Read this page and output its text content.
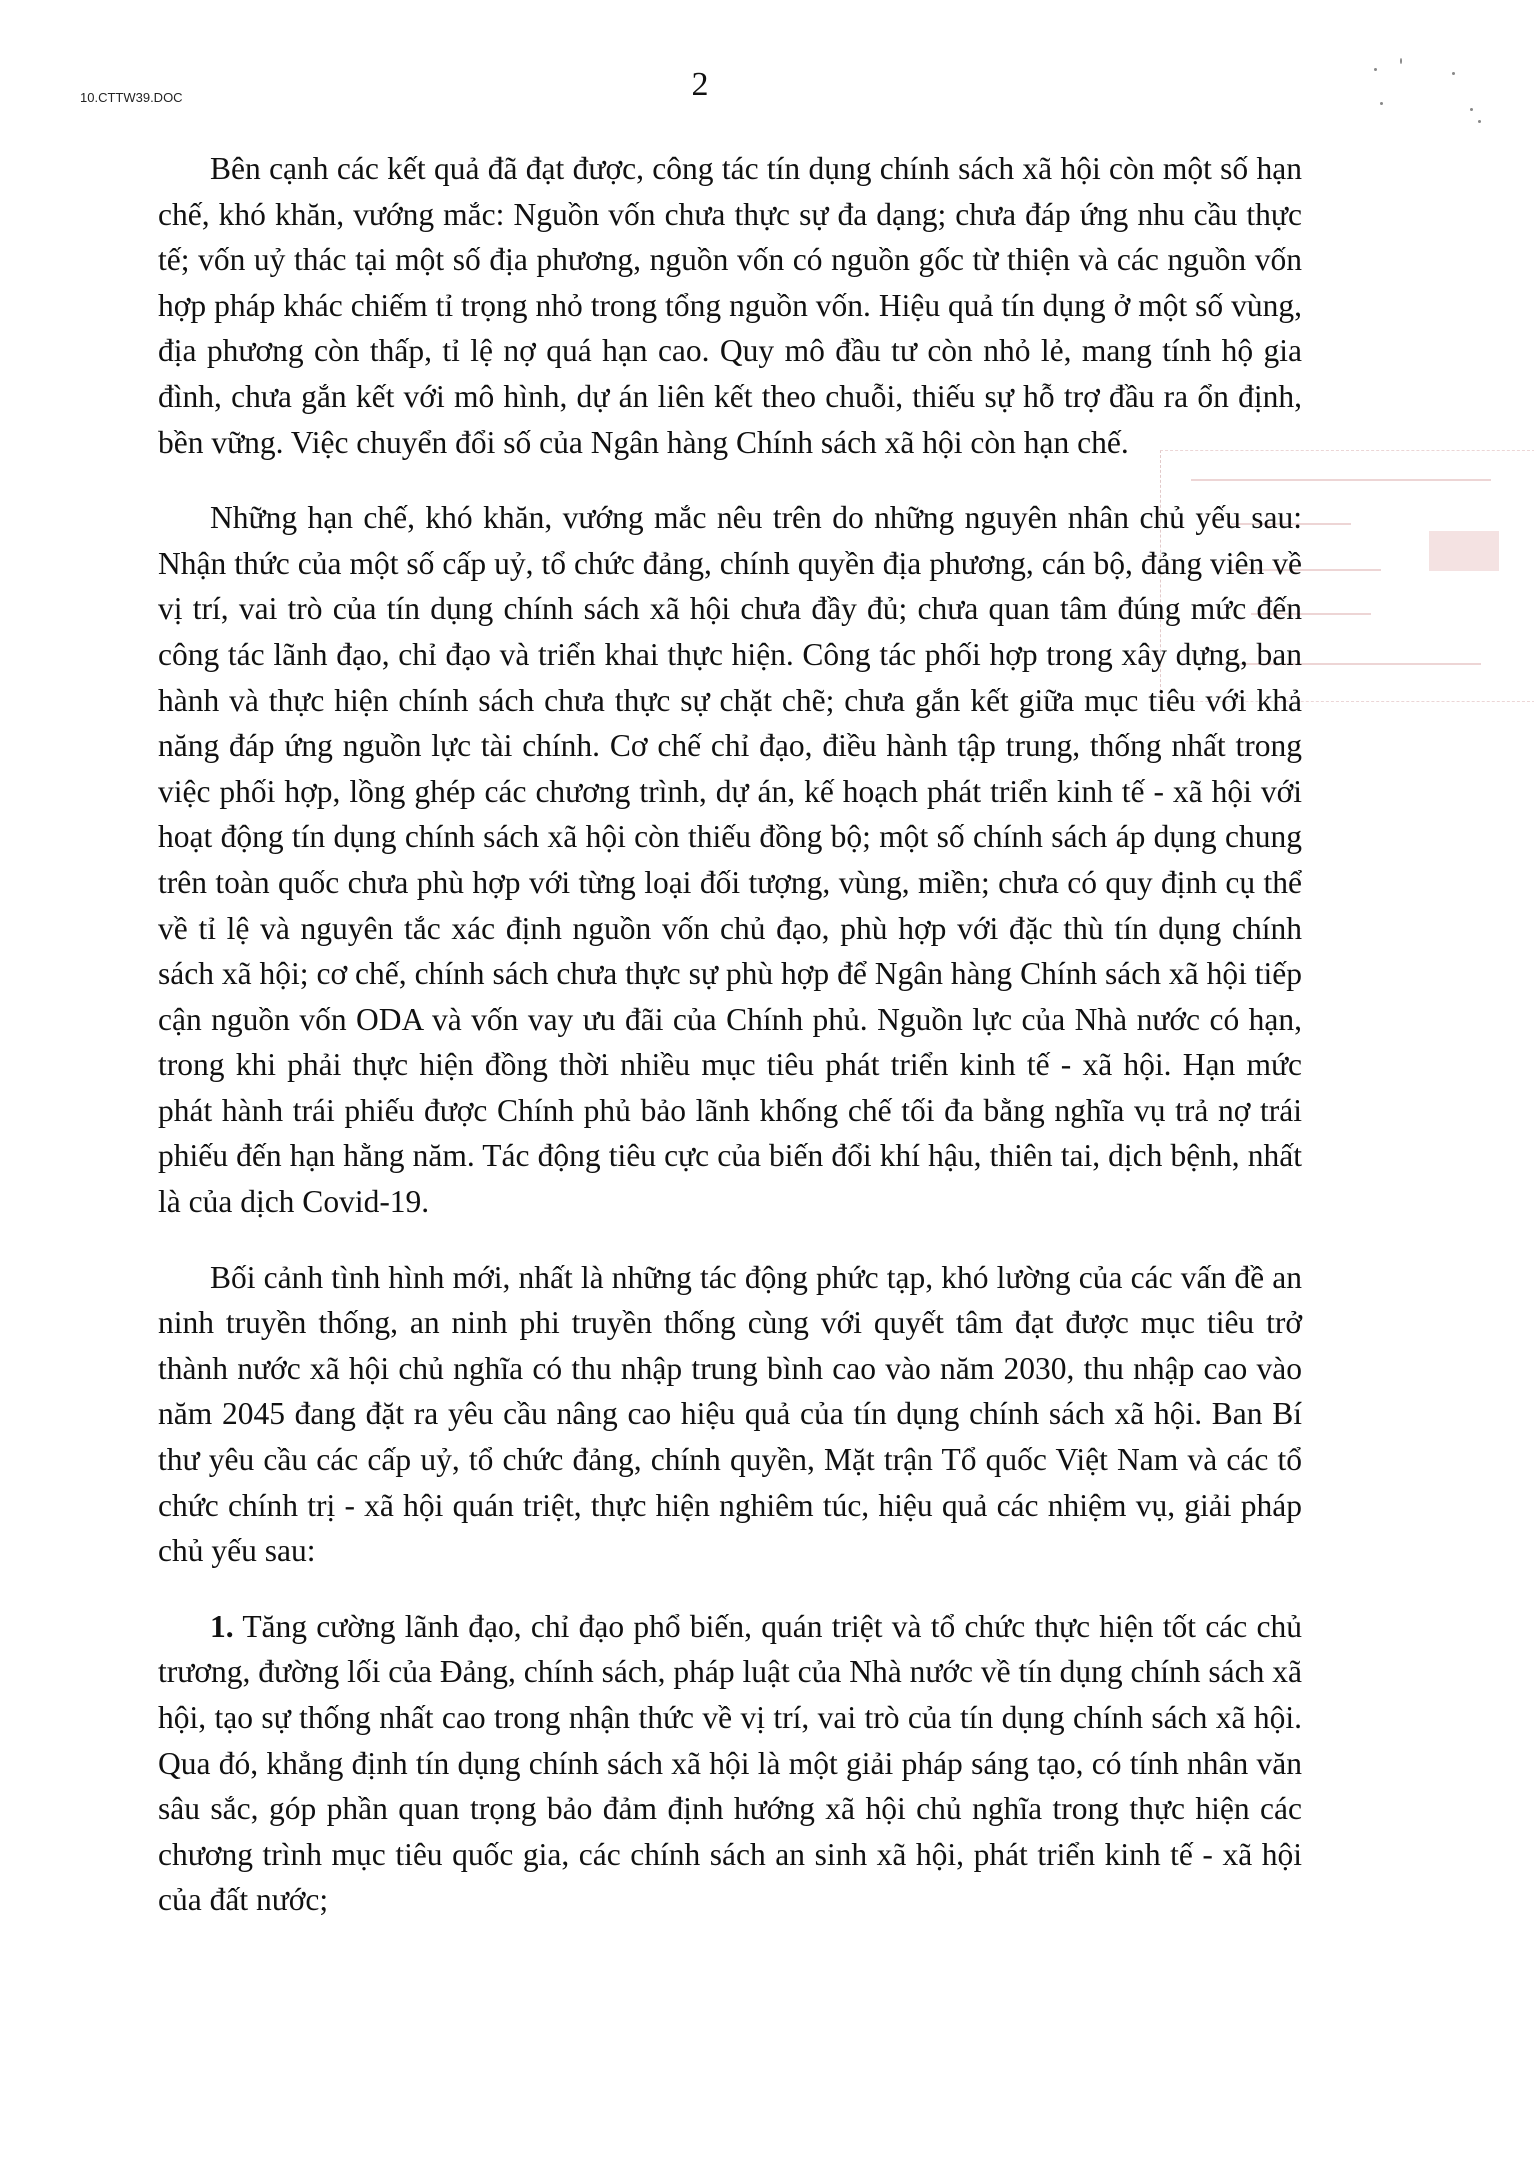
10.CTTW39.DOC	2

Bên cạnh các kết quả đã đạt được, công tác tín dụng chính sách xã hội còn một số hạn chế, khó khăn, vướng mắc: Nguồn vốn chưa thực sự đa dạng; chưa đáp ứng nhu cầu thực tế; vốn uỷ thác tại một số địa phương, nguồn vốn có nguồn gốc từ thiện và các nguồn vốn hợp pháp khác chiếm tỉ trọng nhỏ trong tổng nguồn vốn. Hiệu quả tín dụng ở một số vùng, địa phương còn thấp, tỉ lệ nợ quá hạn cao. Quy mô đầu tư còn nhỏ lẻ, mang tính hộ gia đình, chưa gắn kết với mô hình, dự án liên kết theo chuỗi, thiếu sự hỗ trợ đầu ra ổn định, bền vững. Việc chuyển đổi số của Ngân hàng Chính sách xã hội còn hạn chế.

Những hạn chế, khó khăn, vướng mắc nêu trên do những nguyên nhân chủ yếu sau: Nhận thức của một số cấp uỷ, tổ chức đảng, chính quyền địa phương, cán bộ, đảng viên về vị trí, vai trò của tín dụng chính sách xã hội chưa đầy đủ; chưa quan tâm đúng mức đến công tác lãnh đạo, chỉ đạo và triển khai thực hiện. Công tác phối hợp trong xây dựng, ban hành và thực hiện chính sách chưa thực sự chặt chẽ; chưa gắn kết giữa mục tiêu với khả năng đáp ứng nguồn lực tài chính. Cơ chế chỉ đạo, điều hành tập trung, thống nhất trong việc phối hợp, lồng ghép các chương trình, dự án, kế hoạch phát triển kinh tế - xã hội với hoạt động tín dụng chính sách xã hội còn thiếu đồng bộ; một số chính sách áp dụng chung trên toàn quốc chưa phù hợp với từng loại đối tượng, vùng, miền; chưa có quy định cụ thể về tỉ lệ và nguyên tắc xác định nguồn vốn chủ đạo, phù hợp với đặc thù tín dụng chính sách xã hội; cơ chế, chính sách chưa thực sự phù hợp để Ngân hàng Chính sách xã hội tiếp cận nguồn vốn ODA và vốn vay ưu đãi của Chính phủ. Nguồn lực của Nhà nước có hạn, trong khi phải thực hiện đồng thời nhiều mục tiêu phát triển kinh tế - xã hội. Hạn mức phát hành trái phiếu được Chính phủ bảo lãnh khống chế tối đa bằng nghĩa vụ trả nợ trái phiếu đến hạn hằng năm. Tác động tiêu cực của biến đổi khí hậu, thiên tai, dịch bệnh, nhất là của dịch Covid-19.

Bối cảnh tình hình mới, nhất là những tác động phức tạp, khó lường của các vấn đề an ninh truyền thống, an ninh phi truyền thống cùng với quyết tâm đạt được mục tiêu trở thành nước xã hội chủ nghĩa có thu nhập trung bình cao vào năm 2030, thu nhập cao vào năm 2045 đang đặt ra yêu cầu nâng cao hiệu quả của tín dụng chính sách xã hội. Ban Bí thư yêu cầu các cấp uỷ, tổ chức đảng, chính quyền, Mặt trận Tổ quốc Việt Nam và các tổ chức chính trị - xã hội quán triệt, thực hiện nghiêm túc, hiệu quả các nhiệm vụ, giải pháp chủ yếu sau:

1. Tăng cường lãnh đạo, chỉ đạo phổ biến, quán triệt và tổ chức thực hiện tốt các chủ trương, đường lối của Đảng, chính sách, pháp luật của Nhà nước về tín dụng chính sách xã hội, tạo sự thống nhất cao trong nhận thức về vị trí, vai trò của tín dụng chính sách xã hội. Qua đó, khẳng định tín dụng chính sách xã hội là một giải pháp sáng tạo, có tính nhân văn sâu sắc, góp phần quan trọng bảo đảm định hướng xã hội chủ nghĩa trong thực hiện các chương trình mục tiêu quốc gia, các chính sách an sinh xã hội, phát triển kinh tế - xã hội của đất nước;
